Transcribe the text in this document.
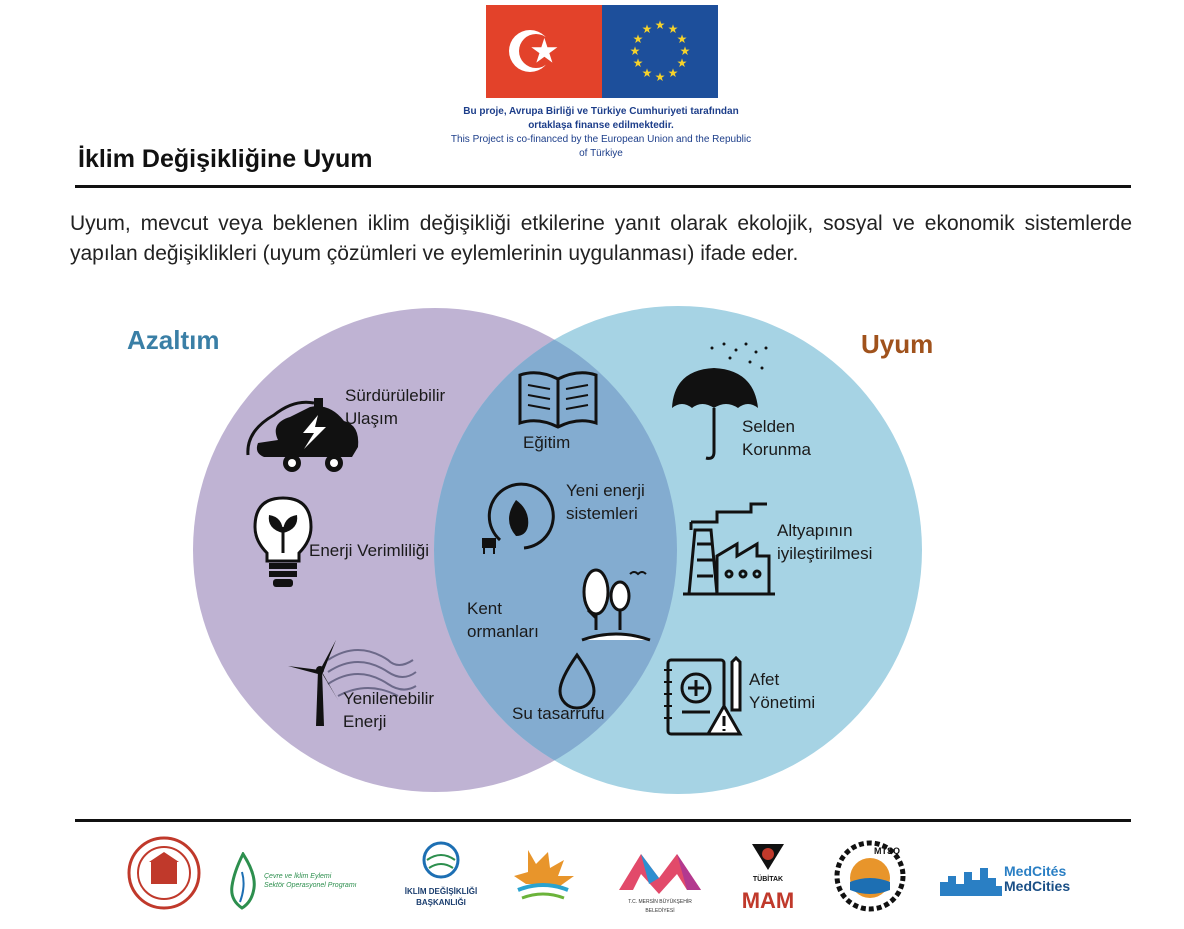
★ ★
★
★
★
★
★
★
★
★
★
★
Bu proje, Avrupa Birliği ve Türkiye Cumhuriyeti tarafından ortaklaşa finanse edilmektedir.
This Project is co-financed by the European Union and the Republic of Türkiye
İklim Değişikliğine Uyum
Uyum, mevcut veya beklenen iklim değişikliği etkilerine yanıt olarak ekolojik, sosyal ve ekonomik sistemlerde yapılan değişiklikleri (uyum çözümleri ve eylemlerinin uygulanması) ifade eder.
Azaltım	Uyum
Sürdürülebilir
Ulaşım
Enerji Verimliliği
Yenilenebilir
Enerji
Eğitim
Yeni enerji
sistemleri
Kent
ormanları
Su tasarrufu
Selden
Korunma
Altyapının
iyileştirilmesi
Afet
Yönetimi
Çevre ve İklim Eylemi
Sektör Operasyonel Programı
İKLİM DEĞİŞİKLİĞİ
BAŞKANLIĞI	T.C. MERSİN BÜYÜKŞEHİR BELEDİYESİ
TÜBİTAK
MAM
MTSO
MedCités
MedCities
